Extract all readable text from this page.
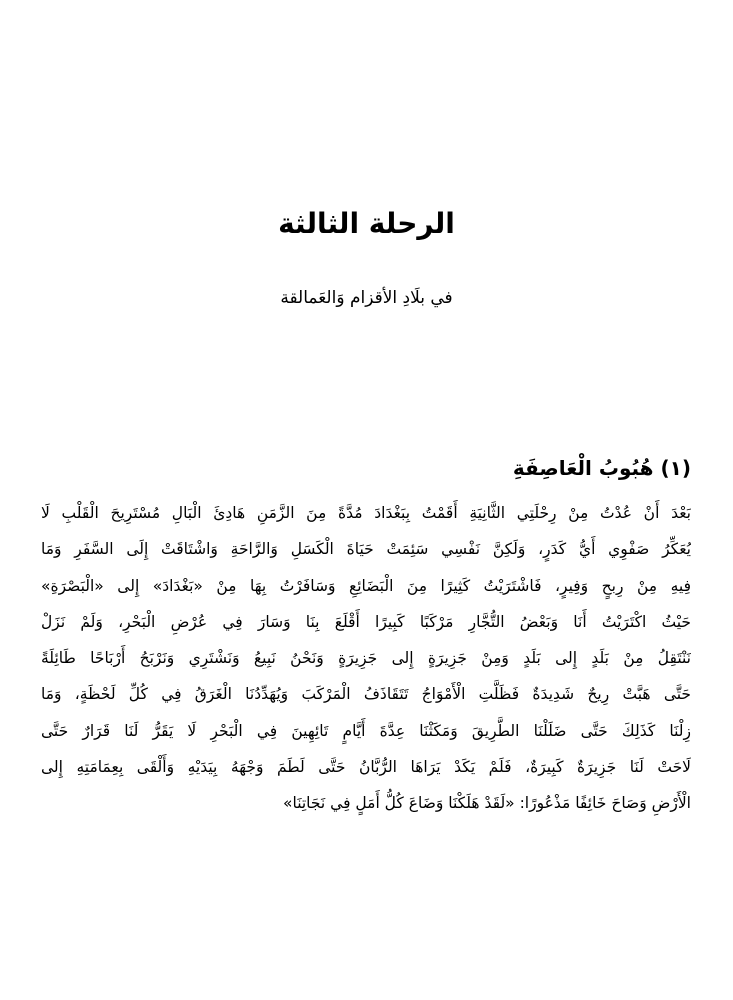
الرحلة الثالثة

في بلَادِ الأقزام وَالعَمالقة

(١) هُبُوبُ الْعَاصِفَةِ
بَعْدَ أَنْ عُدْتُ مِنْ رِحْلَتِي الثَّانِيَةِ أَقَمْتُ بِبَغْدَادَ مُدَّةً مِنَ الزَّمَنِ هَادِئَ الْبَالِ مُسْتَرِيحَ الْقَلْبِ لَا
يُعَكِّرُ صَفْوِي أَيُّ كَدَرٍ، وَلَكِنَّ نَفْسِي سَئِمَتْ حَيَاةَ الْكَسَلِ وَالرَّاحَةِ وَاشْتَاقَتْ إِلَى السَّفَرِ وَمَا
فِيهِ مِنْ رِبحٍ وَفِيرٍ، فَاشْتَرَيْتُ كَثِيرًا مِنَ الْبَضَائِعِ وَسَافَرْتُ بِهَا مِنْ «بَغْدَادَ» إِلى «الْبَصْرَةِ»
حَيْثُ اكْتَرَيْتُ أَنَا وَبَعْضُ التُّجَّارِ مَرْكَبًا كَبِيرًا أَقْلَعَ بِنَا وَسَارَ فِي عُرْضِ الْبَحْرِ، وَلَمْ نَزَلْ
نَنْتَقِلُ مِنْ بَلَدٍ إِلى بَلَدٍ وَمِنْ جَزِيرَةٍ إِلى جَزِيرَةٍ وَنَحْنُ نَبِيعُ وَنَشْتَرِي وَنَرْبَحُ أَرْبَاحًا طَائِلَةً
حَتَّى هَبَّتْ رِيحٌ شَدِيدَةٌ فَظَلَّتِ الْأَمْوَاجُ تَتَقَاذَفُ الْمَرْكَبَ وَيُهَدِّدُنَا الْغَرَقُ فِي كُلِّ لَحْظَةٍ، وَمَا
زِلْنَا كَذَلِكَ حَتَّى ضَلَلْنَا الطَّرِيقَ وَمَكَثْنَا عِدَّةَ أَيَّامٍ تَائِهِينَ فِي الْبَحْرِ لَا يَقَرُّ لَنَا قَرَارٌ حَتَّى
لَاحَتْ لَنَا جَزِيرَةٌ كَبِيرَةٌ، فَلَمْ يَكَدْ يَرَاهَا الرُّبَّانُ حَتَّى لَطَمَ وَجْهَهُ بِيَدَيْهِ وَأَلْقَى بِعِمَامَتِهِ إِلى
الْأَرْضِ وَصَاحَ خَائِفًا مَذْعُورًا: «لَقَدْ هَلَكْنَا وَضَاعَ كُلُّ أَمَلٍ فِي نَجَاتِنَا»
